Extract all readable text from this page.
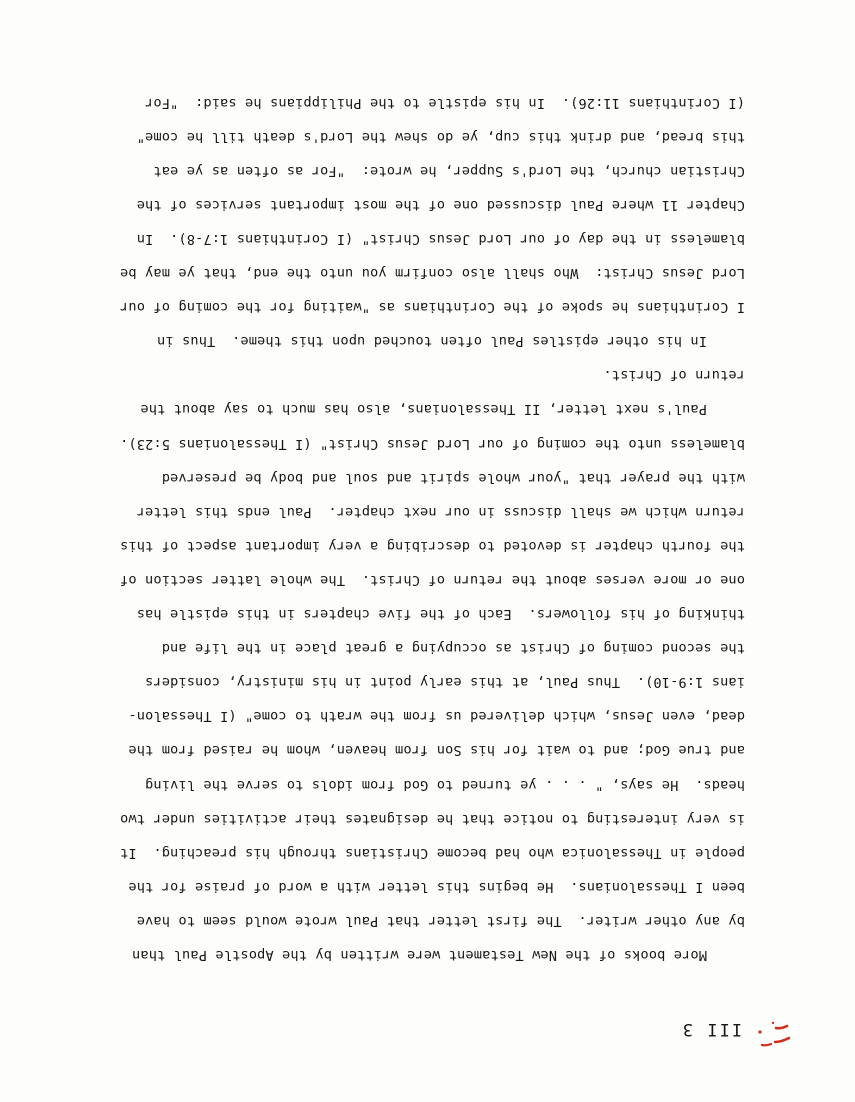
III 3
More books of the New Testament were written by the Apostle Paul than
by any other writer.  The first letter that Paul wrote would seem to have
been I Thessalonians.  He begins this letter with a word of praise for the
people in Thessalonica who had become Christians through his preaching.  It
is very interesting to notice that he designates their activities under two
heads.  He says, " . . . ye turned to God from idols to serve the living
and true God; and to wait for his Son from heaven, whom he raised from the
dead, even Jesus, which delivered us from the wrath to come" (I Thessalon-
ians 1:9-10).  Thus Paul, at this early point in his ministry, considers
the second coming of Christ as occupying a great place in the life and
thinking of his followers.  Each of the five chapters in this epistle has
one or more verses about the return of Christ.  The whole latter section of
the fourth chapter is devoted to describing a very important aspect of this
return which we shall discuss in our next chapter.  Paul ends this letter
with the prayer that "your whole spirit and soul and body be preserved
blameless unto the coming of our Lord Jesus Christ" (I Thessalonians 5:23).
Paul's next letter, II Thessalonians, also has much to say about the
return of Christ.
In his other epistles Paul often touched upon this theme.  Thus in
I Corinthians he spoke of the Corinthians as "waiting for the coming of our
Lord Jesus Christ:  Who shall also confirm you unto the end, that ye may be
blameless in the day of our Lord Jesus Christ" (I Corinthians 1:7-8).  In
Chapter 11 where Paul discussed one of the most important services of the
Christian church, the Lord's Supper, he wrote:  "For as often as ye eat
this bread, and drink this cup, ye do shew the Lord's death till he come"
(I Corinthians 11:26).  In his epistle to the Philippians he said:  "For
